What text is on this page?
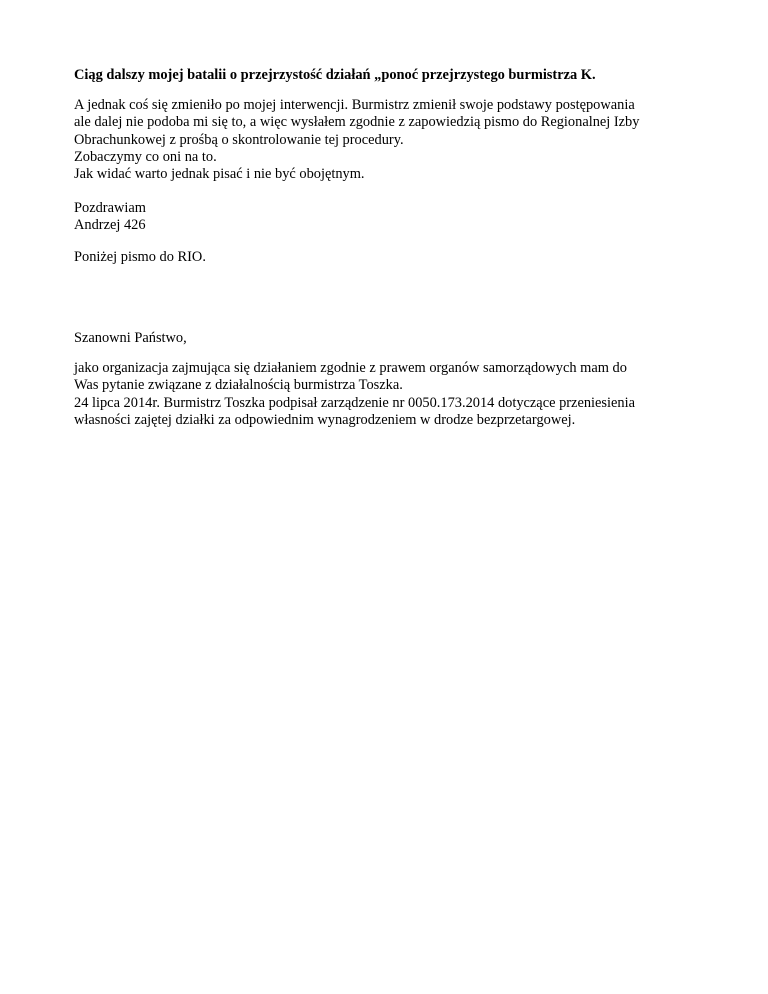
Ciąg dalszy mojej batalii o przejrzystość działań „ponoć przejrzystego burmistrza K.
A jednak coś się zmieniło po mojej interwencji. Burmistrz zmienił swoje podstawy postępowania
ale dalej nie podoba mi się to, a więc wysłałem zgodnie z zapowiedzią pismo do Regionalnej Izby
Obrachunkowej z prośbą o skontrolowanie tej procedury.
Zobaczymy co oni na to.
Jak widać warto jednak pisać i nie być obojętnym.
Pozdrawiam
Andrzej 426
Poniżej pismo do RIO.
Szanowni Państwo,
jako organizacja zajmująca się działaniem zgodnie z prawem organów samorządowych mam do
Was pytanie związane z działalnością burmistrza Toszka.
24 lipca 2014r. Burmistrz Toszka podpisał zarządzenie nr 0050.173.2014 dotyczące przeniesienia
własności zajętej działki za odpowiednim wynagrodzeniem w drodze bezprzetargowej.
